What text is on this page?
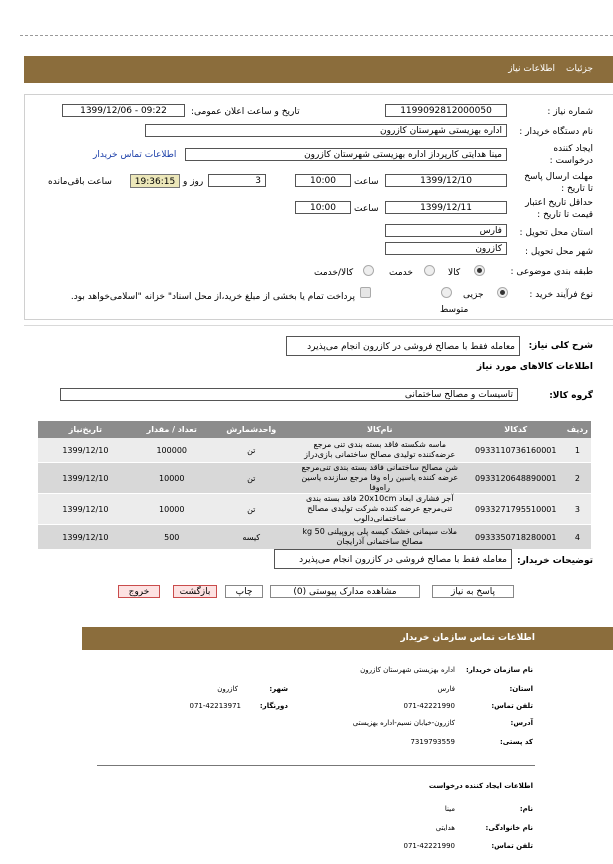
جزئیات
اطلاعات نیاز
شماره نیاز :
1199092812000050
تاریخ و ساعت اعلان عمومی:
1399/12/06 - 09:22
نام دستگاه خریدار :
اداره بهزیستی شهرستان کازرون
ایجاد کننده درخواست :
مینا هدایتی کارپرداز اداره بهزیستی شهرستان کازرون
اطلاعات تماس خریدار
مهلت ارسال پاسخ تا تاریخ :
1399/12/10
ساعت
10:00
3
روز و
19:36:15
ساعت باقی‌مانده
حداقل تاریخ اعتبار قیمت تا تاریخ :
1399/12/11
ساعت
10:00
استان محل تحویل :
فارس
شهر محل تحویل :
کازرون
طبقه بندی موضوعی :
کالا
خدمت
کالا/خدمت
نوع فرآیند خرید :
جزیی
متوسط
پرداخت تمام یا بخشی از مبلغ خرید،از محل اسناد" خزانه "اسلامی‌خواهد بود.
شرح کلی نیاز:
معامله فقط با مصالح فروشی در کازرون انجام می‌پذیرد
اطلاعات کالاهای مورد نیاز
گروه کالا:
تاسیسات و مصالح ساختمانی
ردیف	کدکالا	نام‌کالا	واحدشمارش	تعداد / مقدار	تاریخ‌نیاز
1	0933110736160001	ماسه شکسته فاقد بسته بندی تنی مرجع عرضه‌کننده تولیدی مصالح ساختمانی بازی‌دراز	تن	100000	1399/12/10
2	0933120648890001	شن مصالح ساختمانی فاقد بسته بندی تنی‌مرجع عرضه کننده یاسین راه وفا مرجع سازنده یاسین راه‌وفا	تن	10000	1399/12/10
3	0933271795510001	آجر فشاری ابعاد 20x10cm فاقد بسته بندی تنی‌مرجع عرضه کننده شرکت تولیدی مصالح ساختمانی‌دالوب	تن	10000	1399/12/10
4	0933350718280001	ملات سیمانی خشک کیسه پلی پروپیلنی 50 kg مصالح ساختمانی آذرایجان	کیسه	500	1399/12/10
توضیحات خریدار:
معامله فقط با مصالح فروشی در کازرون انجام می‌پذیرد
پاسخ به نیاز
مشاهده مدارک پیوستی (0)
چاپ
بازگشت
خروج
اطلاعات تماس سازمان خریدار
نام سازمان خریدار:
اداره بهزیستی شهرستان کازرون
استان:
فارس
شهر:
کازرون
تلفن تماس:
071-42221990
دورنگار:
071-42213971
آدرس:
کازرون-خیابان نسیم-اداره بهزیستی
کد پستی:
7319793559
اطلاعات ایجاد کننده درخواست
نام:
مینا
نام خانوادگی:
هدایتی
تلفن تماس:
071-42221990
